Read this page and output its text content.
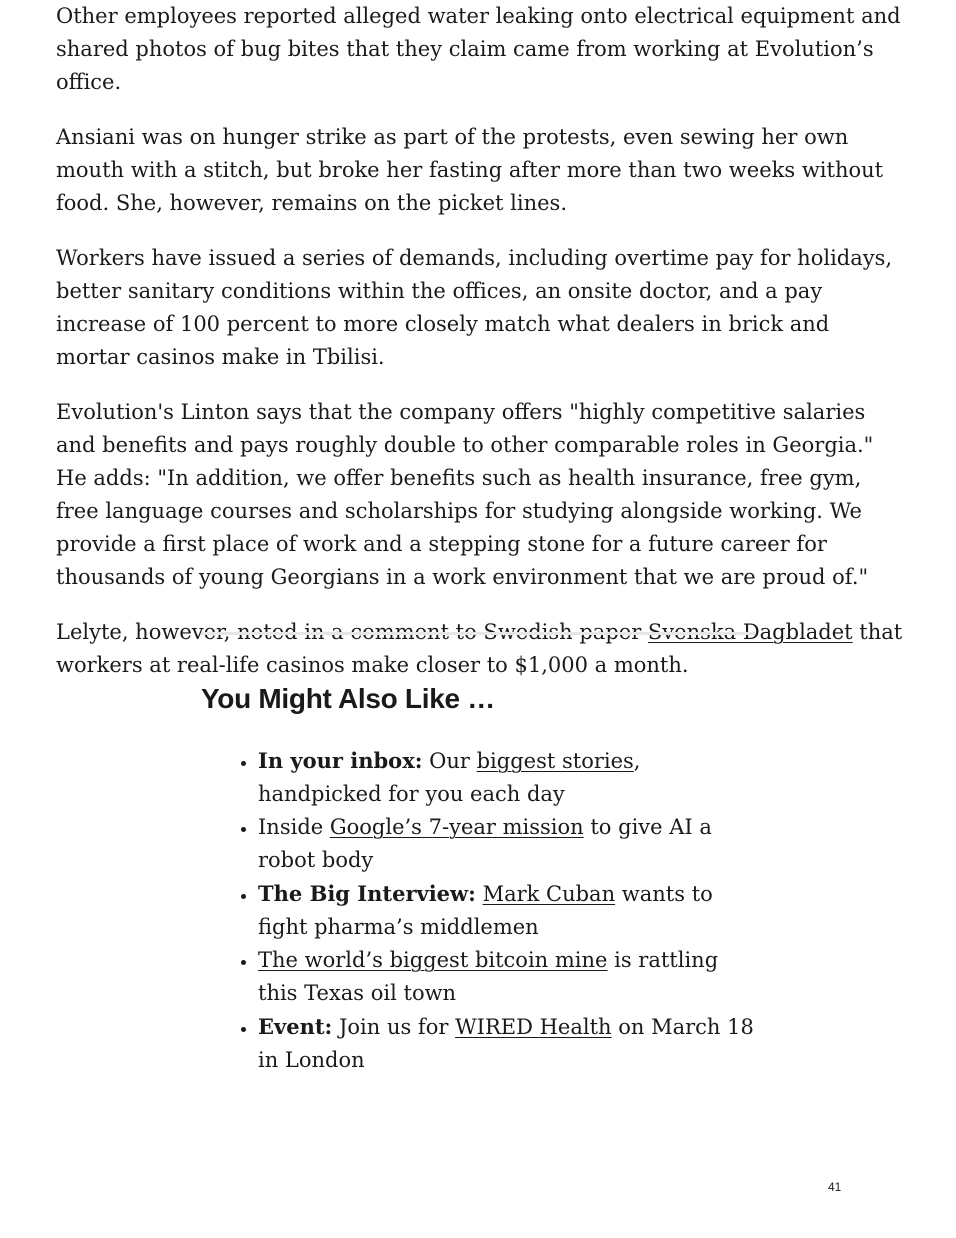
Other employees reported alleged water leaking onto electrical equipment and shared photos of bug bites that they claim came from working at Evolution’s office.

Ansiani was on hunger strike as part of the protests, even sewing her own mouth with a stitch, but broke her fasting after more than two weeks without food. She, however, remains on the picket lines.

Workers have issued a series of demands, including overtime pay for holidays, better sanitary conditions within the offices, an onsite doctor, and a pay increase of 100 percent to more closely match what dealers in brick and mortar casinos make in Tbilisi.

Evolution's Linton says that the company offers "highly competitive salaries and benefits and pays roughly double to other comparable roles in Georgia." He adds: "In addition, we offer benefits such as health insurance, free gym, free language courses and scholarships for studying alongside working. We provide a first place of work and a stepping stone for a future career for thousands of young Georgians in a work environment that we are proud of."

Lelyte, however, noted in a comment to Swedish paper Svenska Dagbladet that workers at real-life casinos make closer to $1,000 a month.

You Might Also Like …
• In your inbox: Our biggest stories, handpicked for you each day
• Inside Google’s 7-year mission to give AI a robot body
• The Big Interview: Mark Cuban wants to fight pharma’s middlemen
• The world’s biggest bitcoin mine is rattling this Texas oil town
• Event: Join us for WIRED Health on March 18 in London
41
